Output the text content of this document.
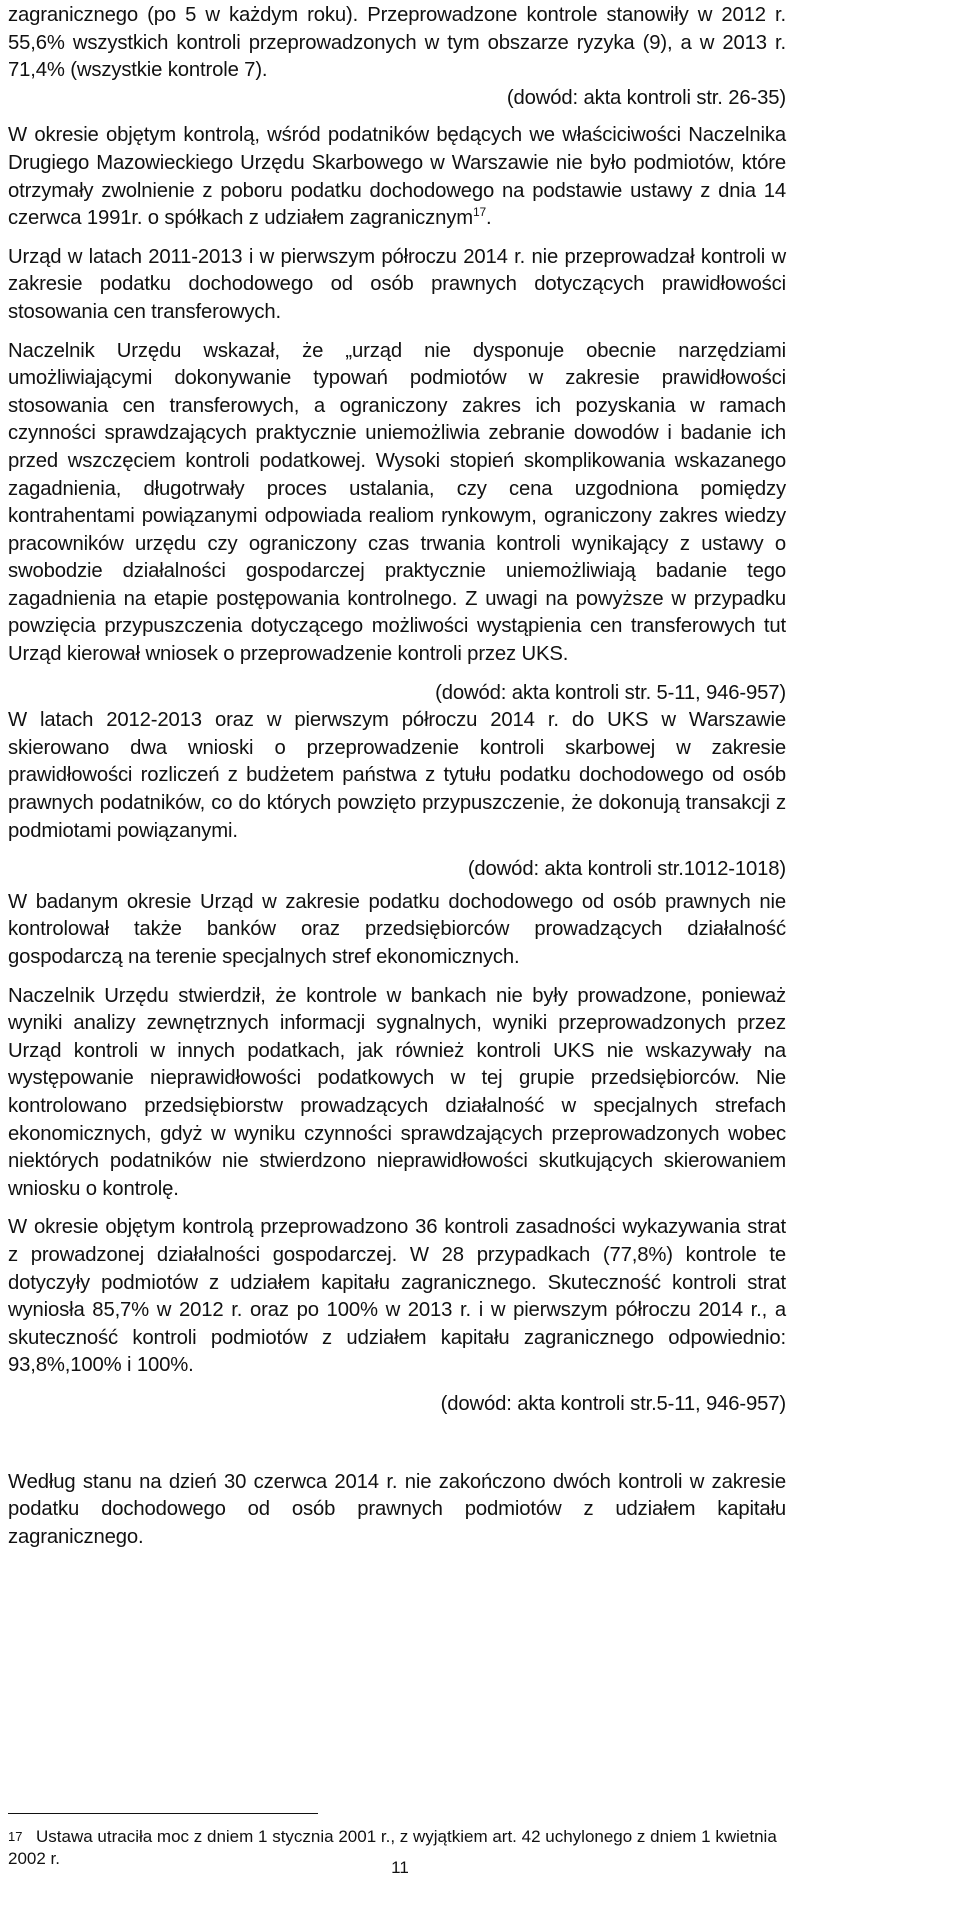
zagranicznego (po 5 w każdym roku). Przeprowadzone kontrole stanowiły w 2012 r. 55,6% wszystkich kontroli przeprowadzonych w tym obszarze ryzyka (9), a w 2013 r. 71,4% (wszystkie kontrole 7).

(dowód: akta kontroli str. 26-35)

W okresie objętym kontrolą, wśród podatników będących we właściciwości Naczelnika Drugiego Mazowieckiego Urzędu Skarbowego w Warszawie nie było podmiotów, które otrzymały zwolnienie z poboru podatku dochodowego na podstawie ustawy z dnia 14 czerwca 1991r. o spółkach z udziałem zagranicznym$^{17}$.

Urząd w latach 2011-2013 i w pierwszym półroczu 2014 r. nie przeprowadzał kontroli w zakresie podatku dochodowego od osób prawnych dotyczących prawidłowości stosowania cen transferowych.

Naczelnik Urzędu wskazał, że „urząd nie dysponuje obecnie narzędziami umożliwiającymi dokonywanie typowań podmiotów w zakresie prawidłowości stosowania cen transferowych, a ograniczony zakres ich pozyskania w ramach czynności sprawdzających praktycznie uniemożliwia zebranie dowodów i badanie ich przed wszczęciem kontroli podatkowej. Wysoki stopień skomplikowania wskazanego zagadnienia, długotrwały proces ustalania, czy cena uzgodniona pomiędzy kontrahentami powiązanymi odpowiada realiom rynkowym, ograniczony zakres wiedzy pracowników urzędu czy ograniczony czas trwania kontroli wynikający z ustawy o swobodzie działalności gospodarczej praktycznie uniemożliwiają badanie tego zagadnienia na etapie postępowania kontrolnego. Z uwagi na powyższe w przypadku powzięcia przypuszczenia dotyczącego możliwości wystąpienia cen transferowych tut Urząd kierował wniosek o przeprowadzenie kontroli przez UKS.

(dowód: akta kontroli str. 5-11, 946-957)

W latach 2012-2013 oraz w pierwszym półroczu 2014 r. do UKS w Warszawie skierowano dwa wnioski o przeprowadzenie kontroli skarbowej w zakresie prawidłowości rozliczeń z budżetem państwa z tytułu podatku dochodowego od osób prawnych podatników, co do których powzięto przypuszczenie, że dokonują transakcji z podmiotami powiązanymi.

(dowód: akta kontroli str.1012-1018)

W badanym okresie Urząd w zakresie podatku dochodowego od osób prawnych nie kontrolował także banków oraz przedsiębiorców prowadzących działalność gospodarczą na terenie specjalnych stref ekonomicznych.

Naczelnik Urzędu stwierdził, że kontrole w bankach nie były prowadzone, ponieważ wyniki analizy zewnętrznych informacji sygnalnych, wyniki przeprowadzonych przez Urząd kontroli w innych podatkach, jak również kontroli UKS nie wskazywały na występowanie nieprawidłowości podatkowych w tej grupie przedsiębiorców. Nie kontrolowano przedsiębiorstw prowadzących działalność w specjalnych strefach ekonomicznych, gdyż w wyniku czynności sprawdzających przeprowadzonych wobec niektórych podatników nie stwierdzono nieprawidłowości skutkujących skierowaniem wniosku o kontrolę.

W okresie objętym kontrolą przeprowadzono 36 kontroli zasadności wykazywania strat z prowadzonej działalności gospodarczej. W 28 przypadkach (77,8%) kontrole te dotyczyły podmiotów z udziałem kapitału zagranicznego. Skuteczność kontroli strat wyniosła 85,7% w 2012 r. oraz po 100% w 2013 r. i w pierwszym półroczu 2014 r., a skuteczność kontroli podmiotów z udziałem kapitału zagranicznego odpowiednio: 93,8%,100% i 100%.

(dowód: akta kontroli str.5-11, 946-957)

Według stanu na dzień 30 czerwca 2014 r. nie zakończono dwóch kontroli w zakresie podatku dochodowego od osób prawnych podmiotów z udziałem kapitału zagranicznego.

17 Ustawa utraciła moc z dniem 1 stycznia 2001 r., z wyjątkiem art. 42 uchylonego z dniem 1 kwietnia 2002 r.	11
